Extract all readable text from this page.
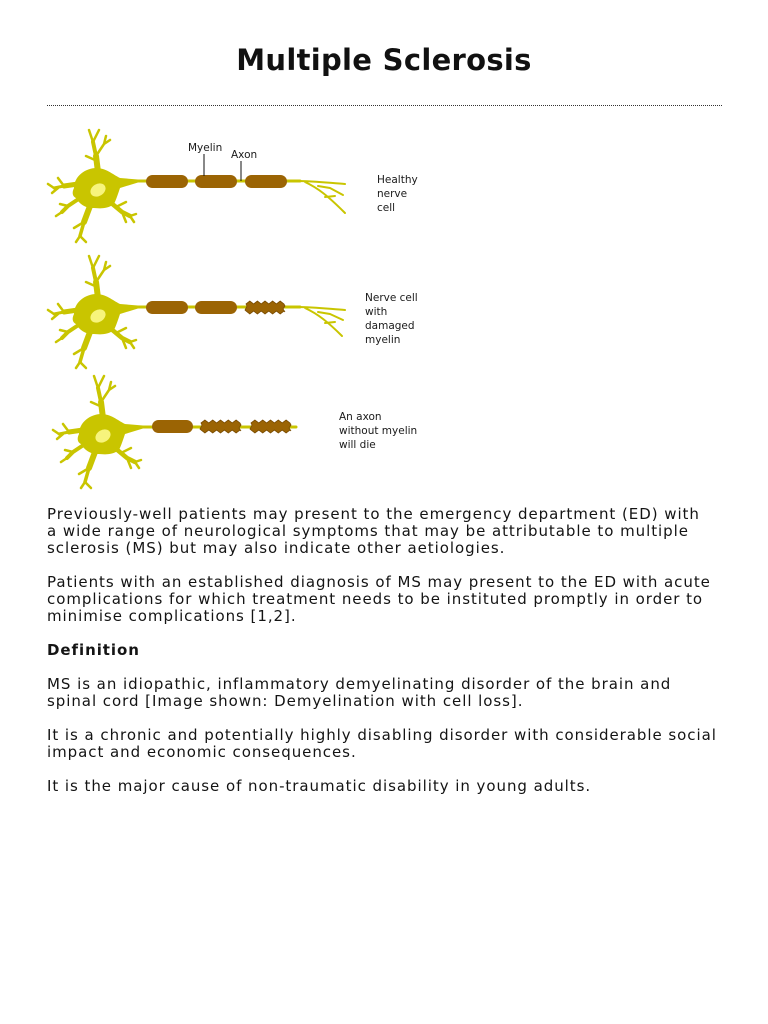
Multiple Sclerosis
Myelin
Axon
Healthy
nerve
cell
Nerve cell
with
damaged
myelin
An axon
without myelin
will die

Previously-well patients may present to the emergency department (ED) with
a wide range of neurological symptoms that may be attributable to multiple
sclerosis (MS) but may also indicate other aetiologies.

Patients with an established diagnosis of MS may present to the ED with acute
complications for which treatment needs to be instituted promptly in order to
minimise complications [1,2].

Definition

MS is an idiopathic, inflammatory demyelinating disorder of the brain and
spinal cord [Image shown: Demyelination with cell loss].

It is a chronic and potentially highly disabling disorder with considerable social
impact and economic consequences.

It is the major cause of non-traumatic disability in young adults.
